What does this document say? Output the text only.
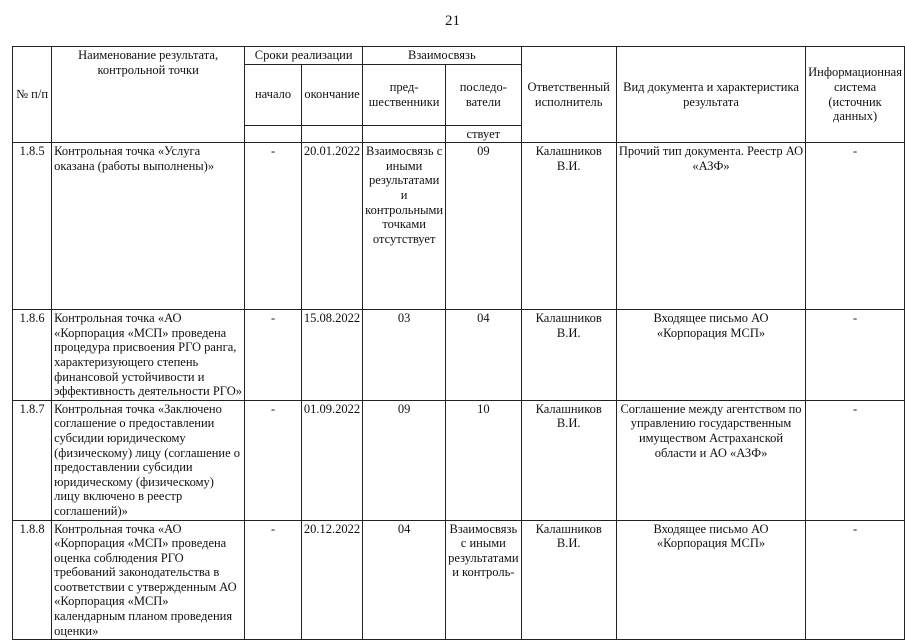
21
№ п/п	Наименование результата, контрольной точки	Сроки реализации		Взаимосвязь		Ответственный исполнитель	Вид документа и характеристика результата	Информационная система (источник данных)
		начало	окончание	пред-шественники	последо-ватели			
					ствует			
1.8.5	Контрольная точка «Услуга оказана (работы выполнены)»	-	20.01.2022	Взаимосвязь с иными результатами и контрольными точками отсутствует	09	Калашников В.И.	Прочий тип документа. Реестр АО «АЗФ»	-
1.8.6	Контрольная точка «АО «Корпорация «МСП» проведена процедура присвоения РГО ранга, характеризующего степень финансовой устойчивости и эффективность деятельности РГО»	-	15.08.2022	03	04	Калашников В.И.	Входящее письмо АО «Корпорация МСП»	-
1.8.7	Контрольная точка «Заключено соглашение о предоставлении субсидии юридическому (физическому) лицу (соглашение о предоставлении субсидии юридическому (физическому) лицу включено в реестр соглашений)»	-	01.09.2022	09	10	Калашников В.И.	Соглашение между агентством по управлению государственным имуществом Астраханской области и АО «АЗФ»	-
1.8.8	Контрольная точка «АО «Корпорация «МСП» проведена оценка соблюдения РГО требований законодательства в соответствии с утвержденным АО «Корпорация «МСП» календарным планом проведения оценки»	-	20.12.2022	04	Взаимосвязь с иными результатами и контроль-	Калашников В.И.	Входящее письмо АО «Корпорация МСП»	-
